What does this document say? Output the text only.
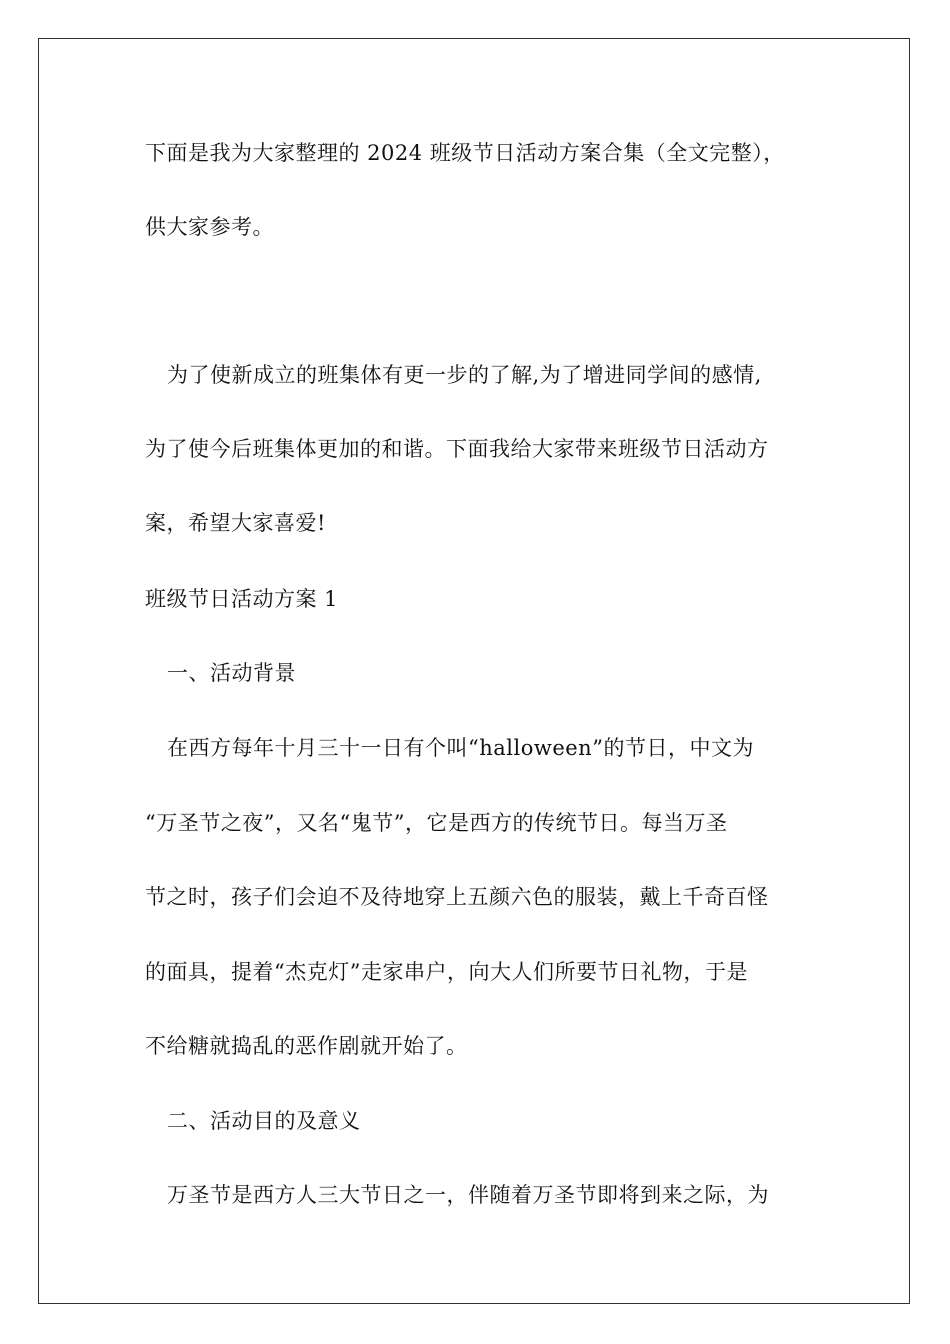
下面是我为大家整理的 2024 班级节日活动方案合集（全文完整），
供大家参考。
为了使新成立的班集体有更一步的了解,为了增进同学间的感情,
为了使今后班集体更加的和谐。下面我给大家带来班级节日活动方
案，希望大家喜爱!
班级节日活动方案 1
一、活动背景
在西方每年十月三十一日有个叫“halloween”的节日，中文为
“万圣节之夜”，又名“鬼节”，它是西方的传统节日。每当万圣
节之时，孩子们会迫不及待地穿上五颜六色的服装，戴上千奇百怪
的面具，提着“杰克灯”走家串户，向大人们所要节日礼物，于是
不给糖就捣乱的恶作剧就开始了。
二、活动目的及意义
万圣节是西方人三大节日之一，伴随着万圣节即将到来之际，为
